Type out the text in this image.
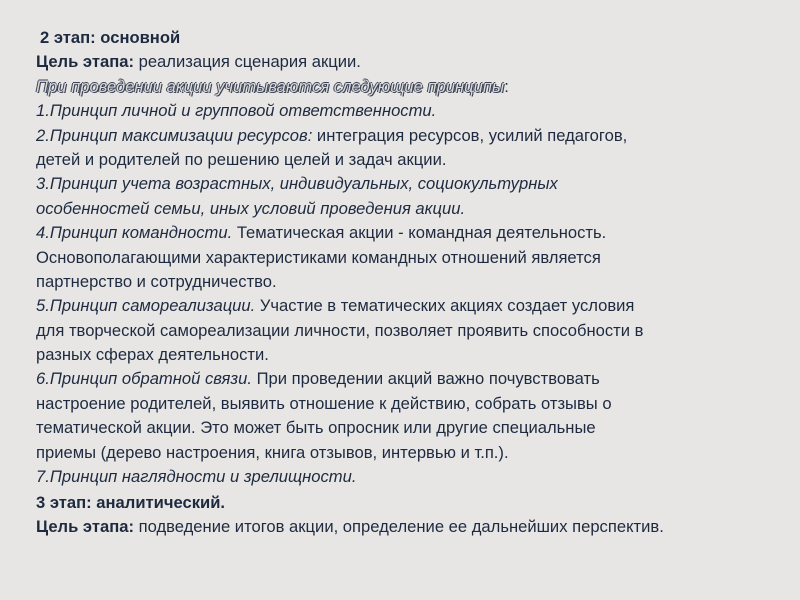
2 этап: основной
Цель этапа: реализация сценария акции.
При проведении акции учитываются следующие принципы:
1.Принцип личной и групповой ответственности.
2.Принцип максимизации ресурсов: интеграция ресурсов, усилий педагогов,
детей и родителей по решению целей и задач акции.
3.Принцип учета возрастных, индивидуальных, социокультурных
особенностей семьи, иных условий проведения акции.
4.Принцип командности. Тематическая акции - командная деятельность.
Основополагающими характеристиками командных отношений является
партнерство и сотрудничество.
5.Принцип самореализации. Участие в тематических акциях создает условия
для творческой самореализации личности, позволяет проявить способности в
разных сферах деятельности.
6.Принцип обратной связи. При проведении акций важно почувствовать
настроение родителей, выявить отношение к действию, собрать отзывы о
тематической акции. Это может быть опросник или другие специальные
приемы (дерево настроения, книга отзывов, интервью и т.п.).
7.Принцип наглядности и зрелищности.
3 этап: аналитический.
Цель этапа: подведение итогов акции, определение ее дальнейших перспектив.
